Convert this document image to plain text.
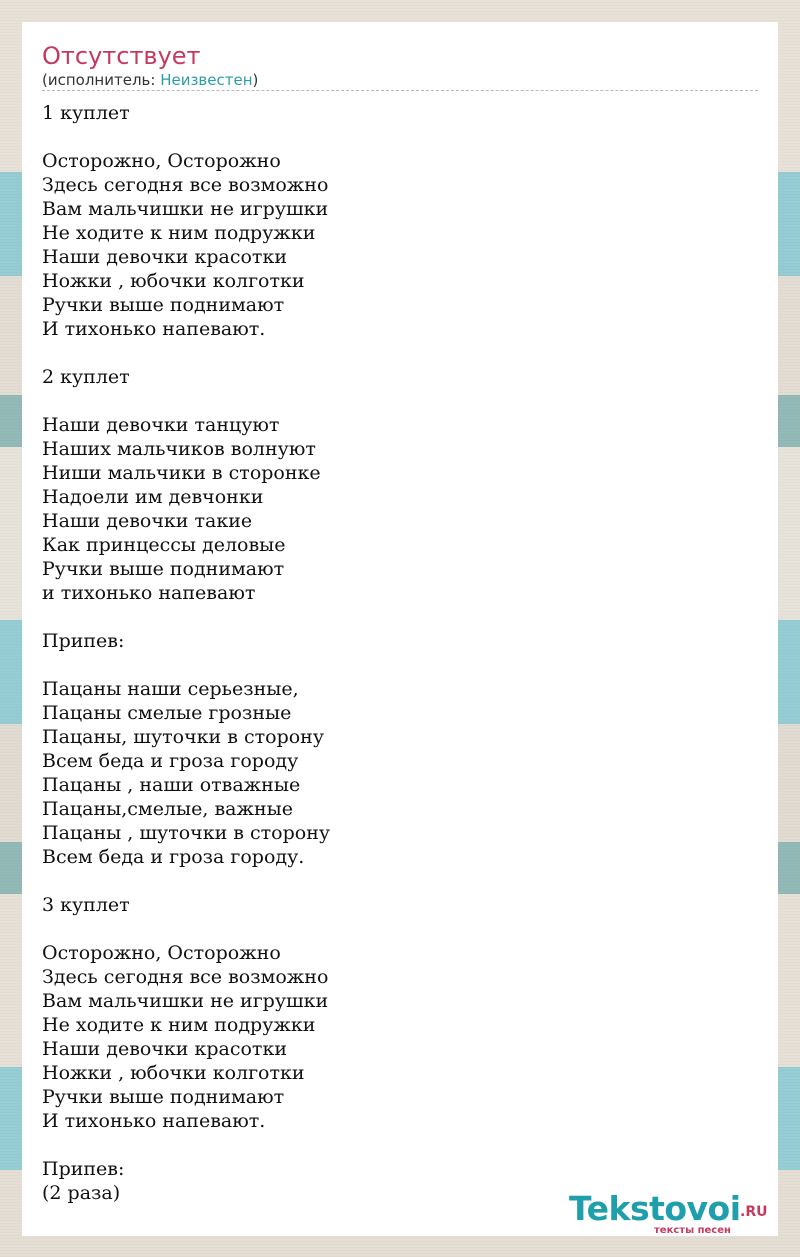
Отсутствует
(исполнитель: Неизвестен)
1 куплет

Осторожно, Осторожно
Здесь сегодня все возможно
Вам мальчишки не игрушки
Не ходите к ним подружки
Наши девочки красотки
Ножки , юбочки колготки
Ручки выше поднимают
И тихонько напевают.

2 куплет

Наши девочки танцуют
Наших мальчиков волнуют
Ниши мальчики в сторонке
Надоели им девчонки
Наши девочки такие
Как принцессы деловые
Ручки выше поднимают
и тихонько напевают

Припев:

Пацаны наши серьезные,
Пацаны смелые грозные
Пацаны, шуточки в сторону
Всем беда и гроза городу
Пацаны , наши отважные
Пацаны,смелые, важные
Пацаны , шуточки в сторону
Всем беда и гроза городу.

3 куплет

Осторожно, Осторожно
Здесь сегодня все возможно
Вам мальчишки не игрушки
Не ходите к ним подружки
Наши девочки красотки
Ножки , юбочки колготки
Ручки выше поднимают
И тихонько напевают.

Припев:
(2 раза)	Tekstovoi .RU
тексты песен
